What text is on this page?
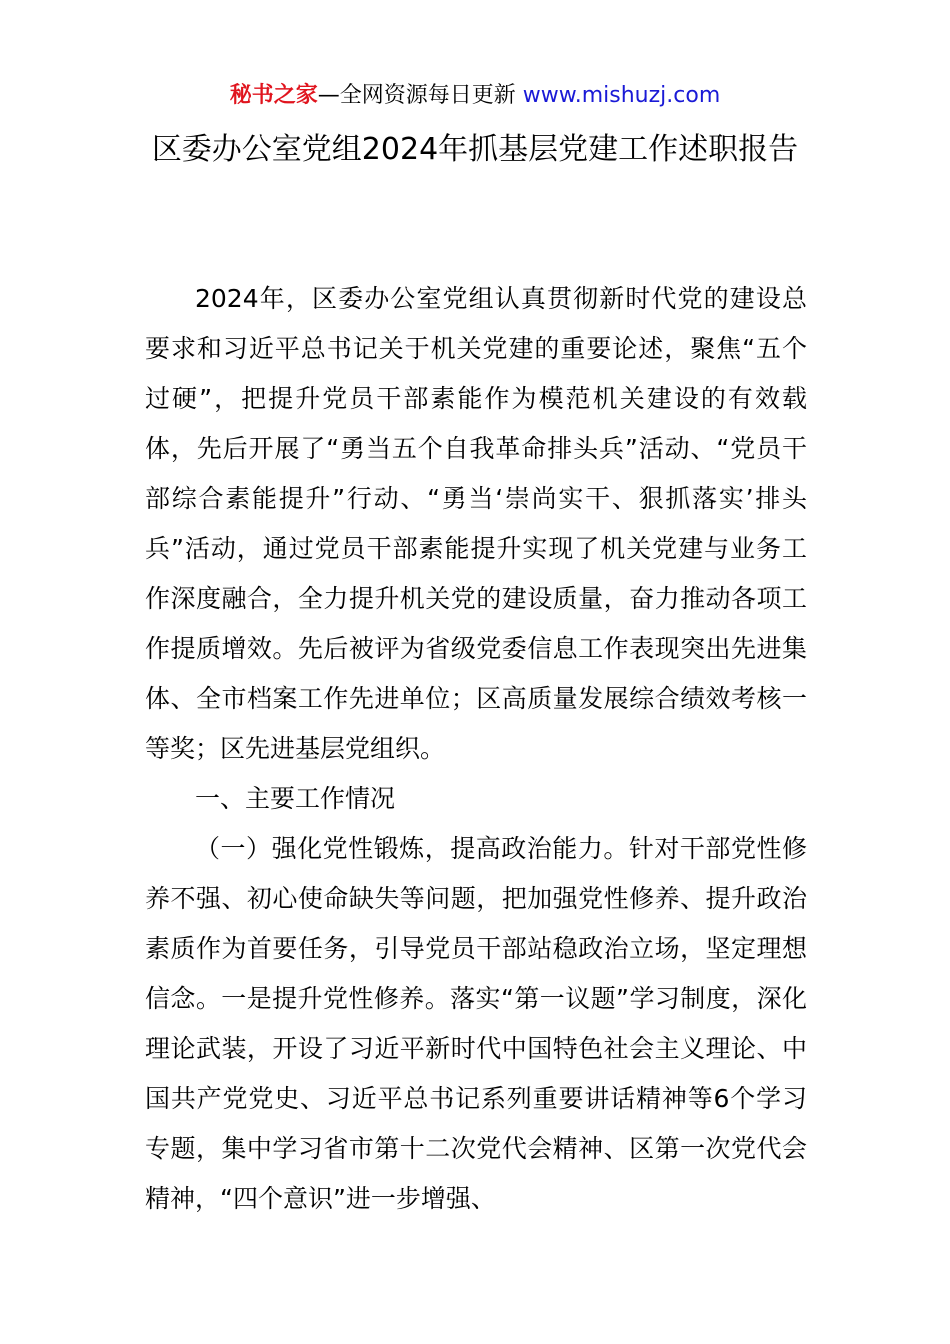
秘书之家—全网资源每日更新 www.mishuzj.com
区委办公室党组2024年抓基层党建工作述职报告

2024年，区委办公室党组认真贯彻新时代党的建设总要求和习近平总书记关于机关党建的重要论述，聚焦“五个过硬”，把提升党员干部素能作为模范机关建设的有效载体，先后开展了“勇当五个自我革命排头兵”活动、“党员干部综合素能提升”行动、“勇当‘崇尚实干、狠抓落实’排头兵”活动，通过党员干部素能提升实现了机关党建与业务工作深度融合，全力提升机关党的建设质量，奋力推动各项工作提质增效。先后被评为省级党委信息工作表现突出先进集体、全市档案工作先进单位；区高质量发展综合绩效考核一等奖；区先进基层党组织。

一、主要工作情况

（一）强化党性锻炼，提高政治能力。针对干部党性修养不强、初心使命缺失等问题，把加强党性修养、提升政治素质作为首要任务，引导党员干部站稳政治立场，坚定理想信念。一是提升党性修养。落实“第一议题”学习制度，深化理论武装，开设了习近平新时代中国特色社会主义理论、中国共产党党史、习近平总书记系列重要讲话精神等6个学习专题，集中学习省市第十二次党代会精神、区第一次党代会精神，“四个意识”进一步增强、
